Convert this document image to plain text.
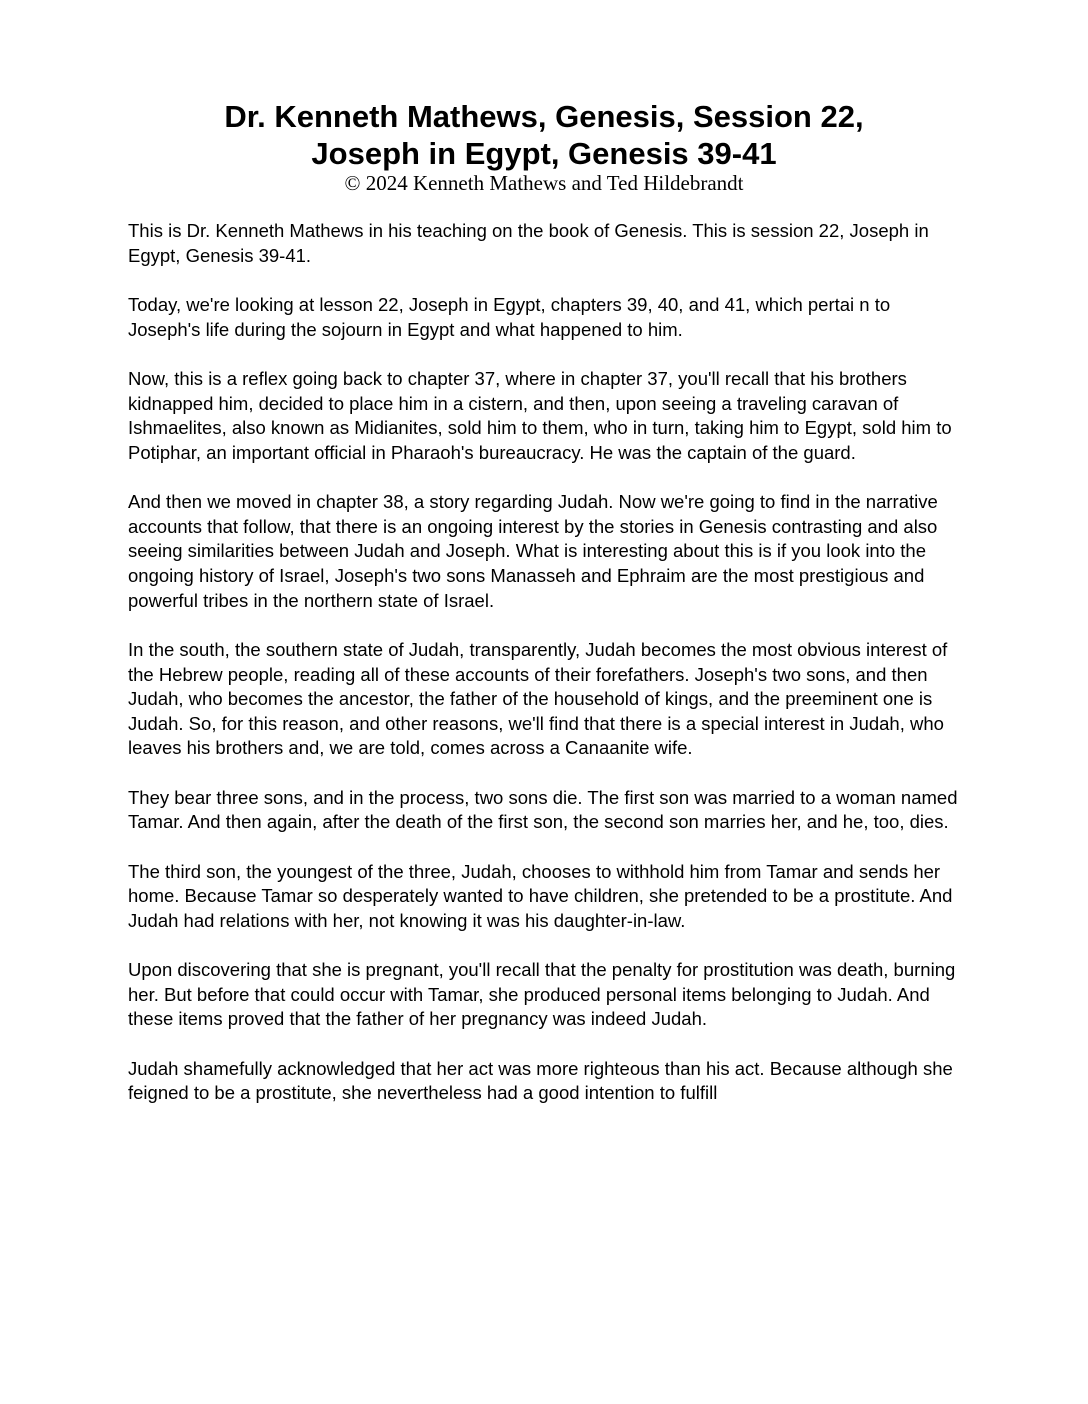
Dr. Kenneth Mathews, Genesis, Session 22,

Joseph in Egypt, Genesis 39-41

© 2024 Kenneth Mathews and Ted Hildebrandt

This is Dr. Kenneth Mathews in his teaching on the book of Genesis. This is session 22, Joseph in Egypt, Genesis 39-41.

Today, we're looking at lesson 22, Joseph in Egypt, chapters 39, 40, and 41, which pertai n to Joseph's life during the sojourn in Egypt and what happened to him.

Now, this is a reflex going back to chapter 37, where in chapter 37, you'll recall that his brothers kidnapped him, decided to place him in a cistern, and then, upon seeing a traveling caravan of Ishmaelites, also known as Midianites, sold him to them, who in turn, taking him to Egypt, sold him to Potiphar, an important official in Pharaoh's bureaucracy. He was the captain of the guard.

And then we moved in chapter 38, a story regarding Judah. Now we're going to find in the narrative accounts that follow, that there is an ongoing interest by the stories in Genesis contrasting and also seeing similarities between Judah and Joseph. What is interesting about this is if you look into the ongoing history of Israel, Joseph's two sons Manasseh and Ephraim are the most prestigious and powerful tribes in the northern state of Israel.

In the south, the southern state of Judah, transparently, Judah becomes the most obvious interest of the Hebrew people, reading all of these accounts of their forefathers. Joseph's two sons, and then Judah, who becomes the ancestor, the father of the household of kings, and the preeminent one is Judah. So, for this reason, and other reasons, we'll find that there is a special interest in Judah, who leaves his brothers and, we are told, comes across a Canaanite wife.

They bear three sons, and in the process, two sons die. The first son was married to a woman named Tamar. And then again, after the death of the first son, the second son marries her, and he, too, dies.

The third son, the youngest of the three, Judah, chooses to withhold him from Tamar and sends her home. Because Tamar so desperately wanted to have children, she pretended to be a prostitute. And Judah had relations with her, not knowing it was his daughter-in-law.

Upon discovering that she is pregnant, you'll recall that the penalty for prostitution was death, burning her. But before that could occur with Tamar, she produced personal items belonging to Judah. And these items proved that the father of her pregnancy was indeed Judah.

Judah shamefully acknowledged that her act was more righteous than his act. Because although she feigned to be a prostitute, she nevertheless had a good intention to fulfill
